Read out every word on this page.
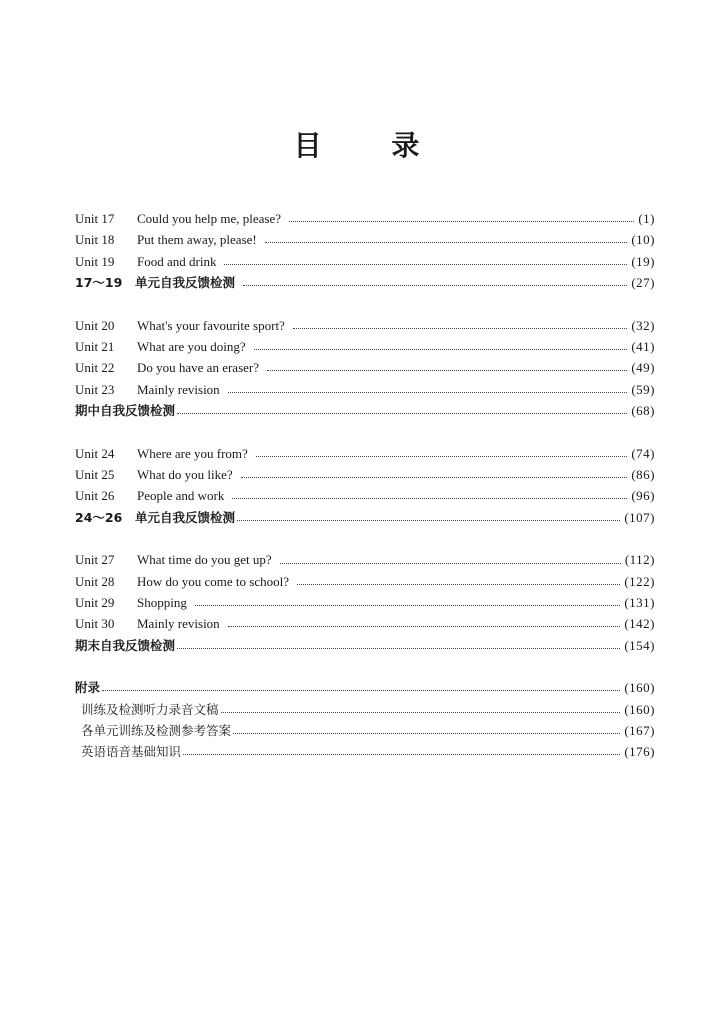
目 录
Unit 17	Could you help me, please?	(1)
Unit 18	Put them away, please!	(10)
Unit 19	Food and drink	(19)
17～19	单元自我反馈检测	(27)
Unit 20	What's your favourite sport?	(32)
Unit 21	What are you doing?	(41)
Unit 22	Do you have an eraser?	(49)
Unit 23	Mainly revision	(59)
期中自我反馈检测	(68)
Unit 24	Where are you from?	(74)
Unit 25	What do you like?	(86)
Unit 26	People and work	(96)
24～26	单元自我反馈检测	(107)
Unit 27	What time do you get up?	(112)
Unit 28	How do you come to school?	(122)
Unit 29	Shopping	(131)
Unit 30	Mainly revision	(142)
期末自我反馈检测	(154)
附录	(160)
训练及检测听力录音文稿	(160)
各单元训练及检测参考答案	(167)
英语语音基础知识	(176)
